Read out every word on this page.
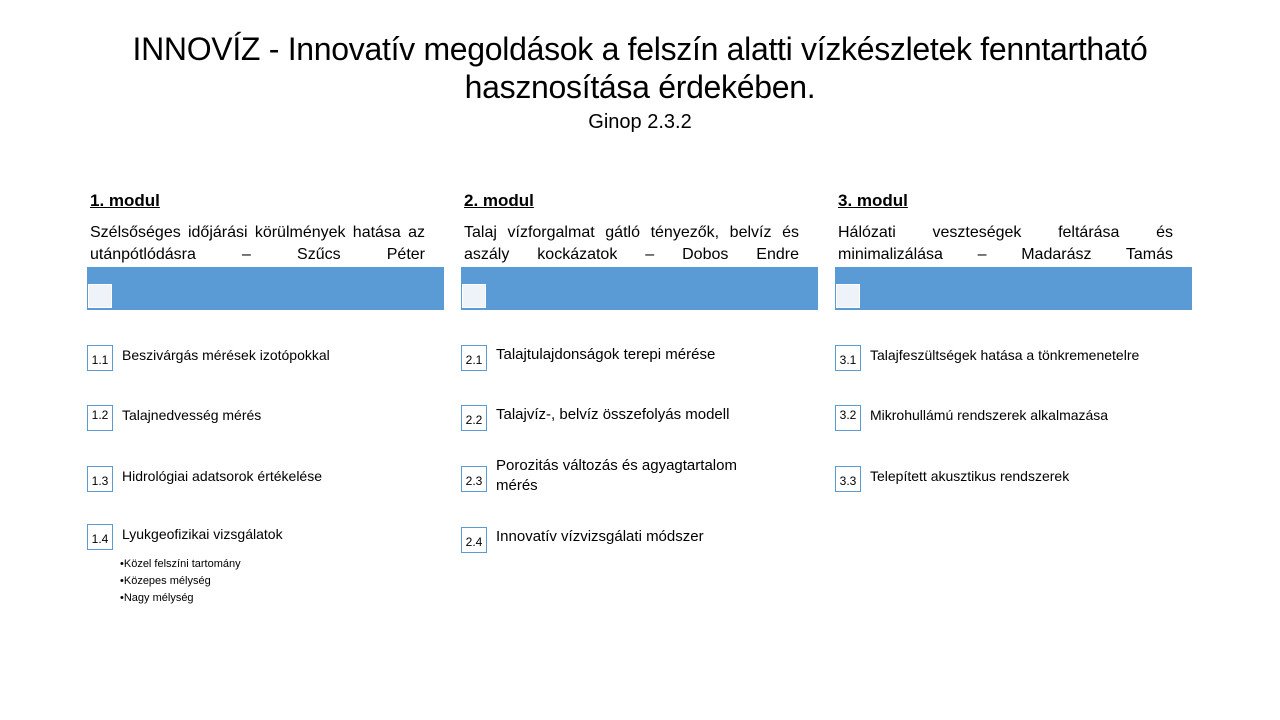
INNOVÍZ - Innovatív megoldások a felszín alatti vízkészletek fenntartható
hasznosítása érdekében.
Ginop 2.3.2
1. modul
Szélsőséges időjárási körülmények hatása az utánpótlódásra – Szűcs Péter
1.1 Beszivárgás mérések izotópokkal
1.2 Talajnedvesség mérés
1.3 Hidrológiai adatsorok értékelése
1.4 Lyukgeofizikai vizsgálatok
• Közel felszíni tartomány
• Közepes mélység
• Nagy mélység
2. modul
Talaj vízforgalmat gátló tényezők, belvíz és aszály kockázatok – Dobos Endre
2.1 Talajtulajdonságok terepi mérése
2.2 Talajvíz-, belvíz összefolyás modell
2.3
Porozitás változás és agyagtartalom
mérés
2.4 Innovatív vízvizsgálati módszer
3. modul
Hálózati veszteségek feltárása és minimalizálása – Madarász Tamás
3.1 Talajfeszültségek hatása a tönkremenetelre
3.2 Mikrohullámú rendszerek alkalmazása
3.3 Telepített akusztikus rendszerek
